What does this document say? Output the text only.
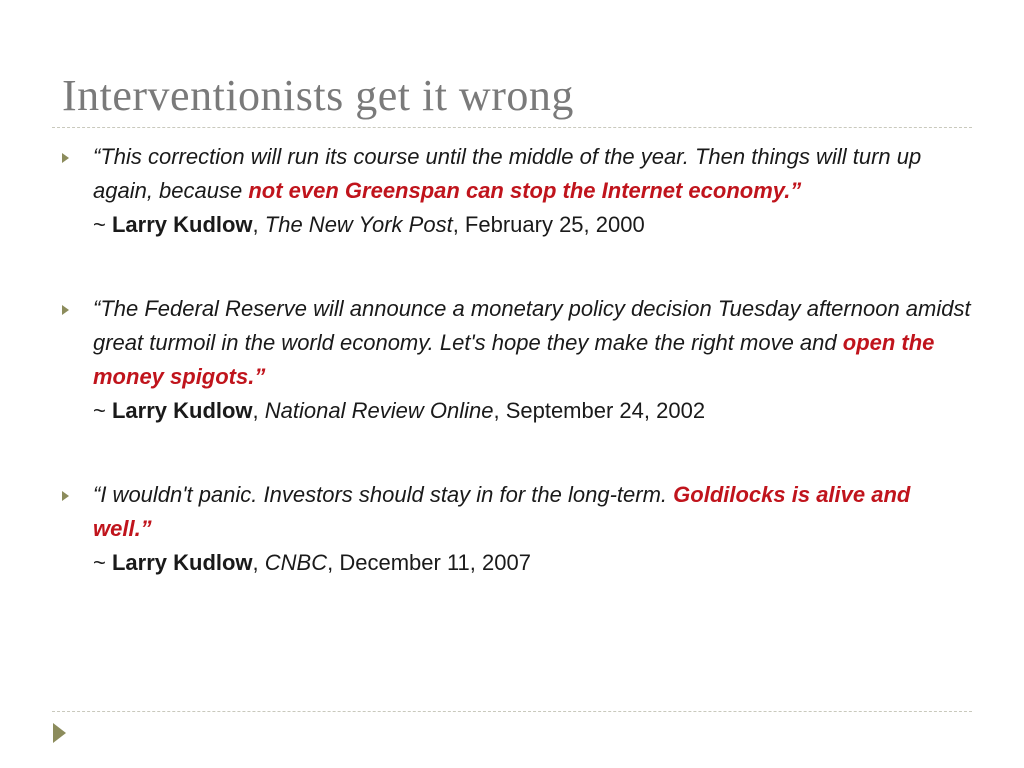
Interventionists get it wrong
“This correction will run its course until the middle of the year. Then things will turn up again, because not even Greenspan can stop the Internet economy.”
~ Larry Kudlow, The New York Post, February 25, 2000
“The Federal Reserve will announce a monetary policy decision Tuesday afternoon amidst great turmoil in the world economy. Let's hope they make the right move and open the money spigots.”
~ Larry Kudlow, National Review Online, September 24, 2002
“I wouldn't panic. Investors should stay in for the long-term. Goldilocks is alive and well.”
~ Larry Kudlow, CNBC, December 11, 2007
